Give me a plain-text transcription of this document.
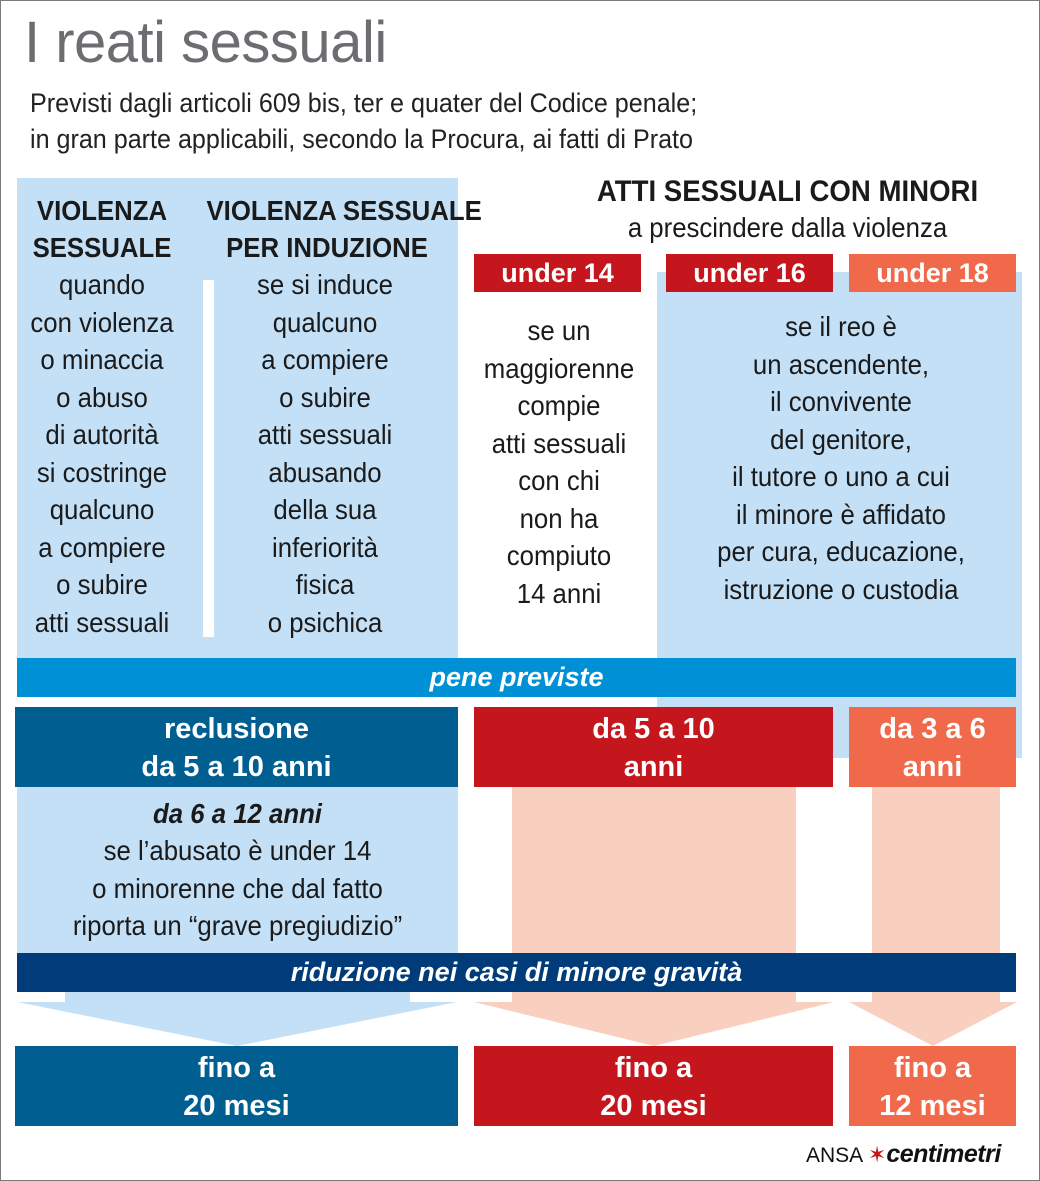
I reati sessuali
Previsti dagli articoli 609 bis, ter e quater del Codice penale;
in gran parte applicabili, secondo la Procura, ai fatti di Prato
VIOLENZA
SESSUALE
quando
con violenza
o minaccia
o abuso
di autorità
si costringe
qualcuno
a compiere
o subire
atti sessuali
VIOLENZA SESSUALE
PER INDUZIONE
se si induce
qualcuno
a compiere
o subire
atti sessuali
abusando
della sua
inferiorità
fisica
o psichica
ATTI SESSUALI CON MINORI
a prescindere dalla violenza
under 14	under 16	under 18
se un
maggiorenne
compie
atti sessuali
con chi
non ha
compiuto
14 anni
se il reo è
un ascendente,
il convivente
del genitore,
il tutore o uno a cui
il minore è affidato
per cura, educazione,
istruzione o custodia
pene previste
reclusione
da 5 a 10 anni
da 5 a 10
anni
da 3 a 6
anni
da 6 a 12 anni
se l’abusato è under 14
o minorenne che dal fatto
riporta un “grave pregiudizio”
riduzione nei casi di minore gravità
fino a
20 mesi
fino a
20 mesi
fino a
12 mesi
ANSA ✶centimetri
